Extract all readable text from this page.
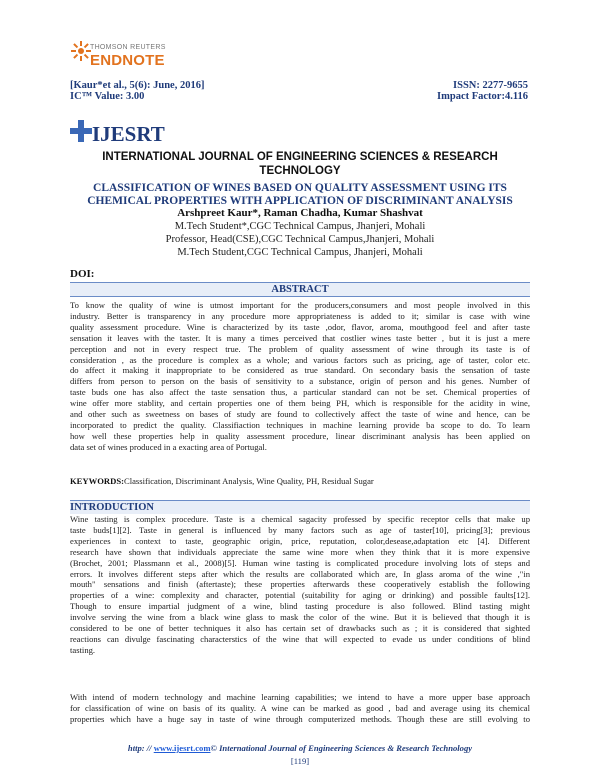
THOMSON REUTERS
ENDNOTE
[Kaur*et al., 5(6): June, 2016]
IC™ Value: 3.00
ISSN: 2277-9655
Impact Factor:4.116
IJESRT
INTERNATIONAL JOURNAL OF ENGINEERING SCIENCES & RESEARCH
TECHNOLOGY
CLASSIFICATION OF WINES BASED ON QUALITY ASSESSMENT USING ITS
CHEMICAL PROPERTIES WITH APPLICATION OF DISCRIMINANT ANALYSIS
Arshpreet Kaur*, Raman Chadha, Kumar Shashvat
M.Tech Student*,CGC Technical Campus, Jhanjeri, Mohali
Professor, Head(CSE),CGC Technical Campus,Jhanjeri, Mohali
M.Tech Student,CGC Technical Campus, Jhanjeri, Mohali
DOI:
ABSTRACT
To know the quality of wine is utmost important for the producers,consumers and most people involved in this
industry. Better is transparency in any procedure more appropriateness is added to it; similar is case with wine
quality assessment procedure. Wine is characterized by its taste ,odor, flavor, aroma, mouthgood feel and after taste
sensation it leaves with the taster. It is many a times perceived that costlier wines taste better , but it is just a mere
perception and not in every respect true. The problem of quality assessment of wine through its taste is of
consideration , as the procedure is complex as a whole; and various factors such as pricing, age of taster, color etc.
do affect it making it inappropriate to be considered as true standard. On secondary basis the sensation of taste
differs from person to person on the basis of sensitivity to a substance, origin of person and his genes. Number of
taste buds one has also affect the taste sensation thus, a particular standard can not be set. Chemical properties of
wine offer more stablity, and certain properties one of them being PH, which is responsible for the acidity in wine,
and other such as sweetness on bases of study are found to collectively affect the taste of wine and hence, can be
incorporated to predict the quality. Classifiaction techniques in machine learning provide ba scope to do. To learn
how well these properties help in quality assessment procedure, linear discriminant analysis has been applied on
data set of wines produced in a exacting area of Portugal.
KEYWORDS:Classification, Discriminant Analysis, Wine Quality, PH, Residual Sugar
INTRODUCTION
Wine tasting is complex procedure. Taste is a chemical sagacity professed by specific receptor cells that make up
taste buds[1][2]. Taste in general is influenced by many factors such as age of taster[10], pricing[3]; previous
experiences in context to taste, geographic origin, price, reputation, color,desease,adaptation etc [4]. Different
research have shown that individuals appreciate the same wine more when they think that it is more expensive
(Brochet, 2001; Plassmann et al., 2008)[5]. Human wine tasting is complicated procedure involving lots of steps and
errors. It involves different steps after which the results are collaborated which are, In glass aroma of the wine ,"in
mouth" sensations and finish (aftertaste); these properties afterwards these cooperatively establish the following
properties of a wine: complexity and character, potential (suitability for aging or drinking) and possible faults[12].
Though to ensure impartial judgment of a wine, blind tasting procedure is also followed. Blind tasting might
involve serving the wine from a black wine glass to mask the color of the wine. But it is believed that though it is
considered to be one of better techniques it also has certain set of drawbacks such as ; it is considered that sighted
reactions can divulge fascinating characterstics of the wine that will expected to evade us under conditions of blind
tasting.
With intend of modern technology and machine learning capabilities; we intend to have a more upper base approach
for classification of wine on basis of its quality. A wine can be marked as good , bad and average using its chemical
properties which have a huge say in taste of wine through computerized methods. Though these are still evolving to
http: // www.ijesrt.com© International Journal of Engineering Sciences & Research Technology
[119]
